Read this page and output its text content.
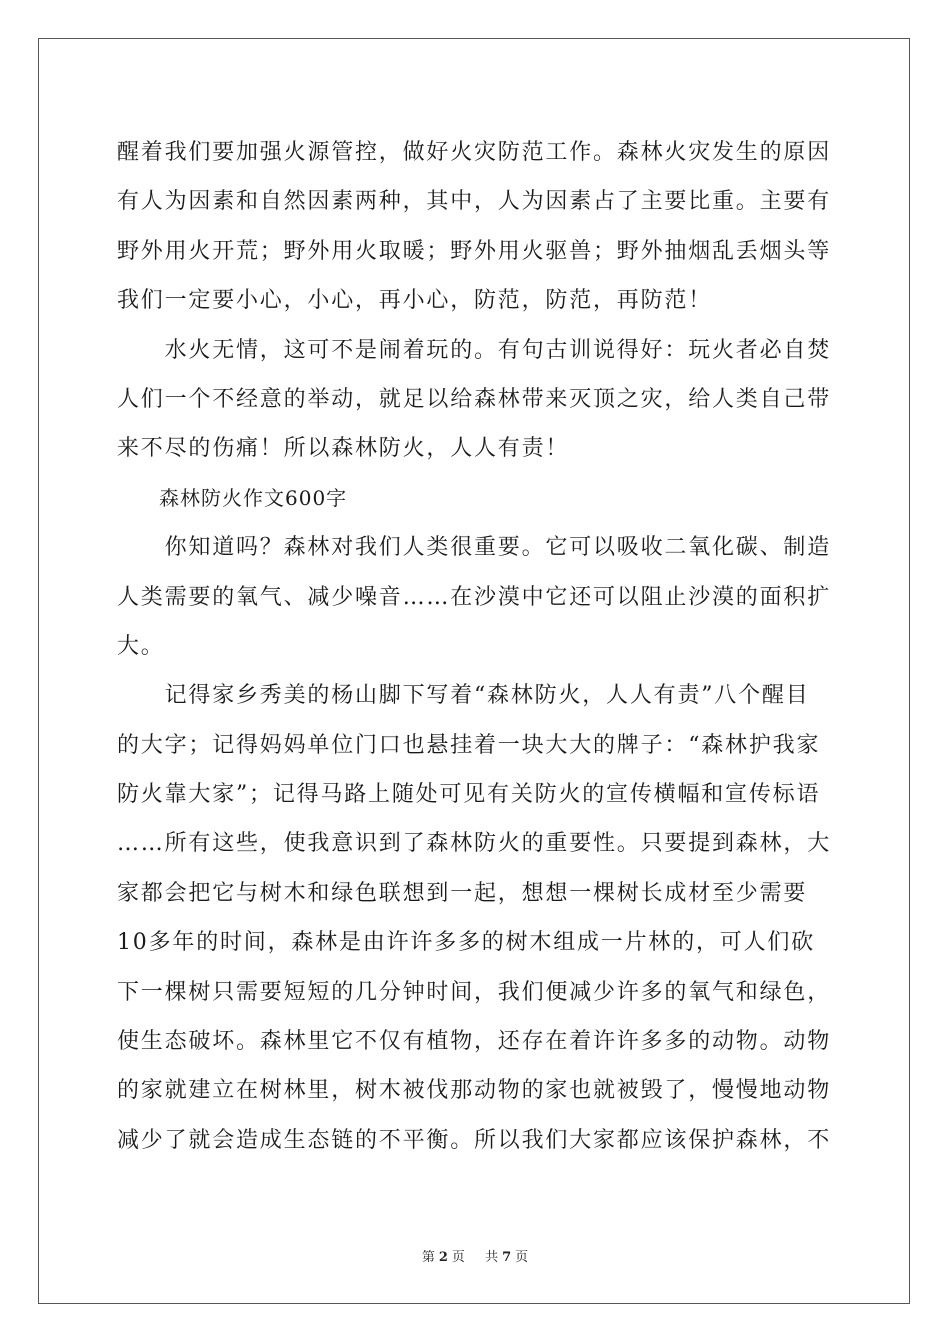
醒着我们要加强火源管控，做好火灾防范工作。森林火灾发生的原因
有人为因素和自然因素两种，其中，人为因素占了主要比重。主要有
野外用火开荒；野外用火取暖；野外用火驱兽；野外抽烟乱丢烟头等
我们一定要小心，小心，再小心，防范，防范，再防范！
　　水火无情，这可不是闹着玩的。有句古训说得好：玩火者必自焚
人们一个不经意的举动，就足以给森林带来灭顶之灾，给人类自己带
来不尽的伤痛！所以森林防火，人人有责！
　　森林防火作文600字
　　你知道吗？森林对我们人类很重要。它可以吸收二氧化碳、制造
人类需要的氧气、减少噪音……在沙漠中它还可以阻止沙漠的面积扩
大。
　　记得家乡秀美的杨山脚下写着“森林防火，人人有责”八个醒目
的大字；记得妈妈单位门口也悬挂着一块大大的牌子：“森林护我家
防火靠大家”；记得马路上随处可见有关防火的宣传横幅和宣传标语
……所有这些，使我意识到了森林防火的重要性。只要提到森林，大
家都会把它与树木和绿色联想到一起，想想一棵树长成材至少需要
10多年的时间，森林是由许许多多的树木组成一片林的，可人们砍
下一棵树只需要短短的几分钟时间，我们便减少许多的氧气和绿色，
使生态破坏。森林里它不仅有植物，还存在着许许多多的动物。动物
的家就建立在树林里，树木被伐那动物的家也就被毁了，慢慢地动物
减少了就会造成生态链的不平衡。所以我们大家都应该保护森林，不
第 2 页 共 7 页
